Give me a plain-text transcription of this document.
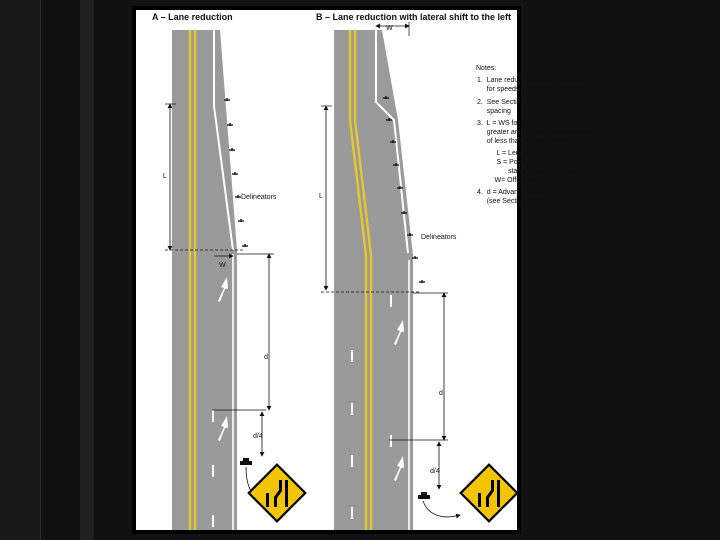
A – Lane reduction	B – Lane reduction with lateral shift to the left
Delineators
L
W
d
d/4
Delineators
W
L
d
d/4
Notes:
1.  Lane reduction arrows are optional
for speeds of less than 45 mph
2.  See Section 3F.04 for delineator
spacing
3.  L = WS for speeds of 45 mph or
greater and L = WS²/60 for speeds
of less than 45 mph, where:
L = Length of taper in feet
S = Posted, 85th-percentile, or
statutory speed in mph
W= Offset in feet
4.  d = Advance warning distance
(see Section 2C.05)
